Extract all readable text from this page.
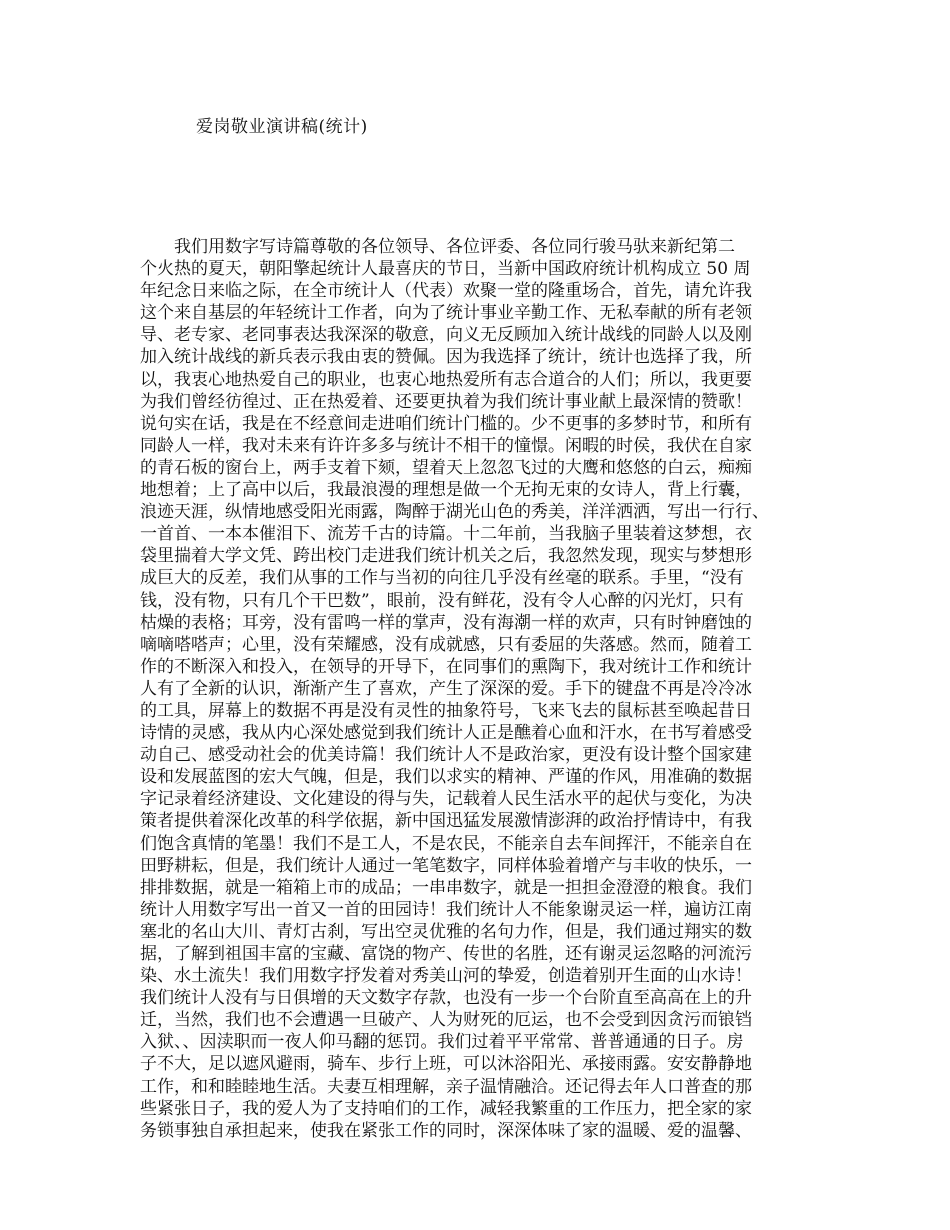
爱岗敬业演讲稿(统计)
　　我们用数字写诗篇尊敬的各位领导、各位评委、各位同行骏马驮来新纪第二
个火热的夏天，朝阳擎起统计人最喜庆的节日，当新中国政府统计机构成立 50 周
年纪念日来临之际，在全市统计人（代表）欢聚一堂的隆重场合，首先，请允许我
这个来自基层的年轻统计工作者，向为了统计事业辛勤工作、无私奉献的所有老领
导、老专家、老同事表达我深深的敬意，向义无反顾加入统计战线的同龄人以及刚
加入统计战线的新兵表示我由衷的赞佩。因为我选择了统计，统计也选择了我，所
以，我衷心地热爱自己的职业，也衷心地热爱所有志合道合的人们；所以，我更要
为我们曾经彷徨过、正在热爱着、还要更执着为我们统计事业献上最深情的赞歌！
说句实在话，我是在不经意间走进咱们统计门槛的。少不更事的多梦时节，和所有
同龄人一样，我对未来有许许多多与统计不相干的憧憬。闲暇的时侯，我伏在自家
的青石板的窗台上，两手支着下颏，望着天上忽忽飞过的大鹰和悠悠的白云，痴痴
地想着；上了高中以后，我最浪漫的理想是做一个无拘无束的女诗人，背上行囊，
浪迹天涯，纵情地感受阳光雨露，陶醉于湖光山色的秀美，洋洋洒洒，写出一行行、
一首首、一本本催泪下、流芳千古的诗篇。十二年前，当我脑子里装着这梦想，衣
袋里揣着大学文凭、跨出校门走进我们统计机关之后，我忽然发现，现实与梦想形
成巨大的反差，我们从事的工作与当初的向往几乎没有丝毫的联系。手里，“没有
钱，没有物，只有几个干巴数”，眼前，没有鲜花，没有令人心醉的闪光灯，只有
枯燥的表格；耳旁，没有雷鸣一样的掌声，没有海潮一样的欢声，只有时钟磨蚀的
嘀嘀嗒嗒声；心里，没有荣耀感，没有成就感，只有委屈的失落感。然而，随着工
作的不断深入和投入，在领导的开导下，在同事们的熏陶下，我对统计工作和统计
人有了全新的认识，渐渐产生了喜欢，产生了深深的爱。手下的键盘不再是冷冷冰
的工具，屏幕上的数据不再是没有灵性的抽象符号，飞来飞去的鼠标甚至唤起昔日
诗情的灵感，我从内心深处感觉到我们统计人正是醮着心血和汗水，在书写着感受
动自己、感受动社会的优美诗篇！我们统计人不是政治家，更没有设计整个国家建
设和发展蓝图的宏大气魄，但是，我们以求实的精神、严谨的作风，用准确的数据
字记录着经济建设、文化建设的得与失，记载着人民生活水平的起伏与变化，为决
策者提供着深化改革的科学依据，新中国迅猛发展激情澎湃的政治抒情诗中，有我
们饱含真情的笔墨！我们不是工人，不是农民，不能亲自去车间挥汗，不能亲自在
田野耕耘，但是，我们统计人通过一笔笔数字，同样体验着增产与丰收的快乐，一
排排数据，就是一箱箱上市的成品；一串串数字，就是一担担金澄澄的粮食。我们
统计人用数字写出一首又一首的田园诗！我们统计人不能象谢灵运一样，遍访江南
塞北的名山大川、青灯古刹，写出空灵优雅的名句力作，但是，我们通过翔实的数
据，了解到祖国丰富的宝藏、富饶的物产、传世的名胜，还有谢灵运忽略的河流污
染、水土流失！我们用数字抒发着对秀美山河的挚爱，创造着别开生面的山水诗！
我们统计人没有与日俱增的天文数字存款，也没有一步一个台阶直至高高在上的升
迁，当然，我们也不会遭遇一旦破产、人为财死的厄运，也不会受到因贪污而锒铛
入狱、、因渎职而一夜人仰马翻的惩罚。我们过着平平常常、普普通通的日子。房
子不大，足以遮风避雨，骑车、步行上班，可以沐浴阳光、承接雨露。安安静静地
工作，和和睦睦地生活。夫妻互相理解，亲子温情融洽。还记得去年人口普查的那
些紧张日子，我的爱人为了支持咱们的工作，减轻我繁重的工作压力，把全家的家
务锁事独自承担起来，使我在紧张工作的同时，深深体味了家的温暖、爱的温馨、
